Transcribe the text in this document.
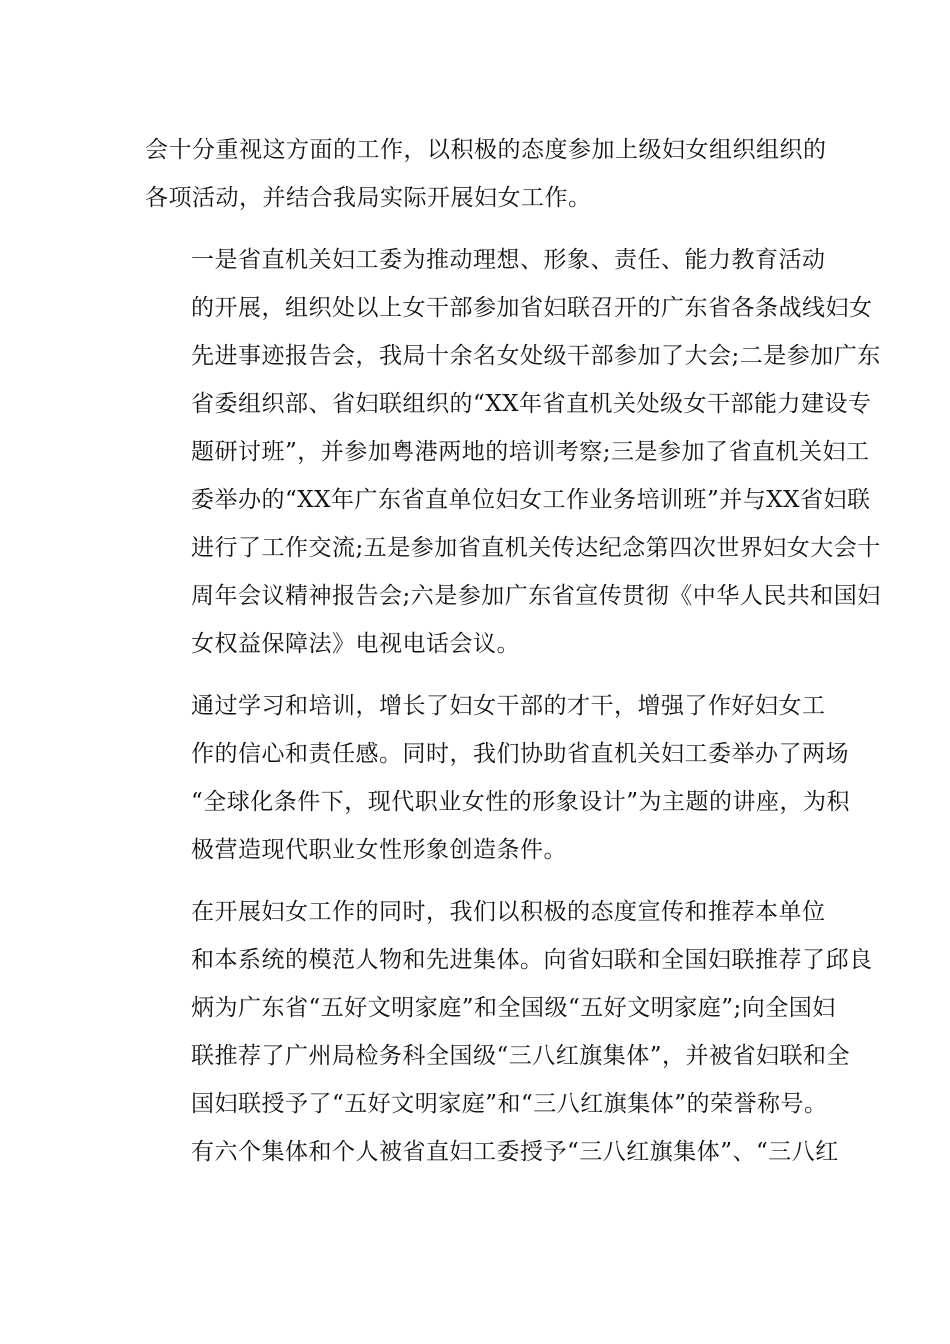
会十分重视这方面的工作，以积极的态度参加上级妇女组织组织的
各项活动，并结合我局实际开展妇女工作。

一是省直机关妇工委为推动理想、形象、责任、能力教育活动
的开展，组织处以上女干部参加省妇联召开的广东省各条战线妇女
先进事迹报告会，我局十余名女处级干部参加了大会;二是参加广东
省委组织部、省妇联组织的“XX年省直机关处级女干部能力建设专
题研讨班”，并参加粤港两地的培训考察;三是参加了省直机关妇工
委举办的“XX年广东省直单位妇女工作业务培训班”并与XX省妇联
进行了工作交流;五是参加省直机关传达纪念第四次世界妇女大会十
周年会议精神报告会;六是参加广东省宣传贯彻《中华人民共和国妇
女权益保障法》电视电话会议。

通过学习和培训，增长了妇女干部的才干，增强了作好妇女工
作的信心和责任感。同时，我们协助省直机关妇工委举办了两场
“全球化条件下，现代职业女性的形象设计”为主题的讲座，为积
极营造现代职业女性形象创造条件。

在开展妇女工作的同时，我们以积极的态度宣传和推荐本单位
和本系统的模范人物和先进集体。向省妇联和全国妇联推荐了邱良
炳为广东省“五好文明家庭”和全国级“五好文明家庭”;向全国妇
联推荐了广州局检务科全国级“三八红旗集体”，并被省妇联和全
国妇联授予了“五好文明家庭”和“三八红旗集体”的荣誉称号。
有六个集体和个人被省直妇工委授予“三八红旗集体”、“三八红
